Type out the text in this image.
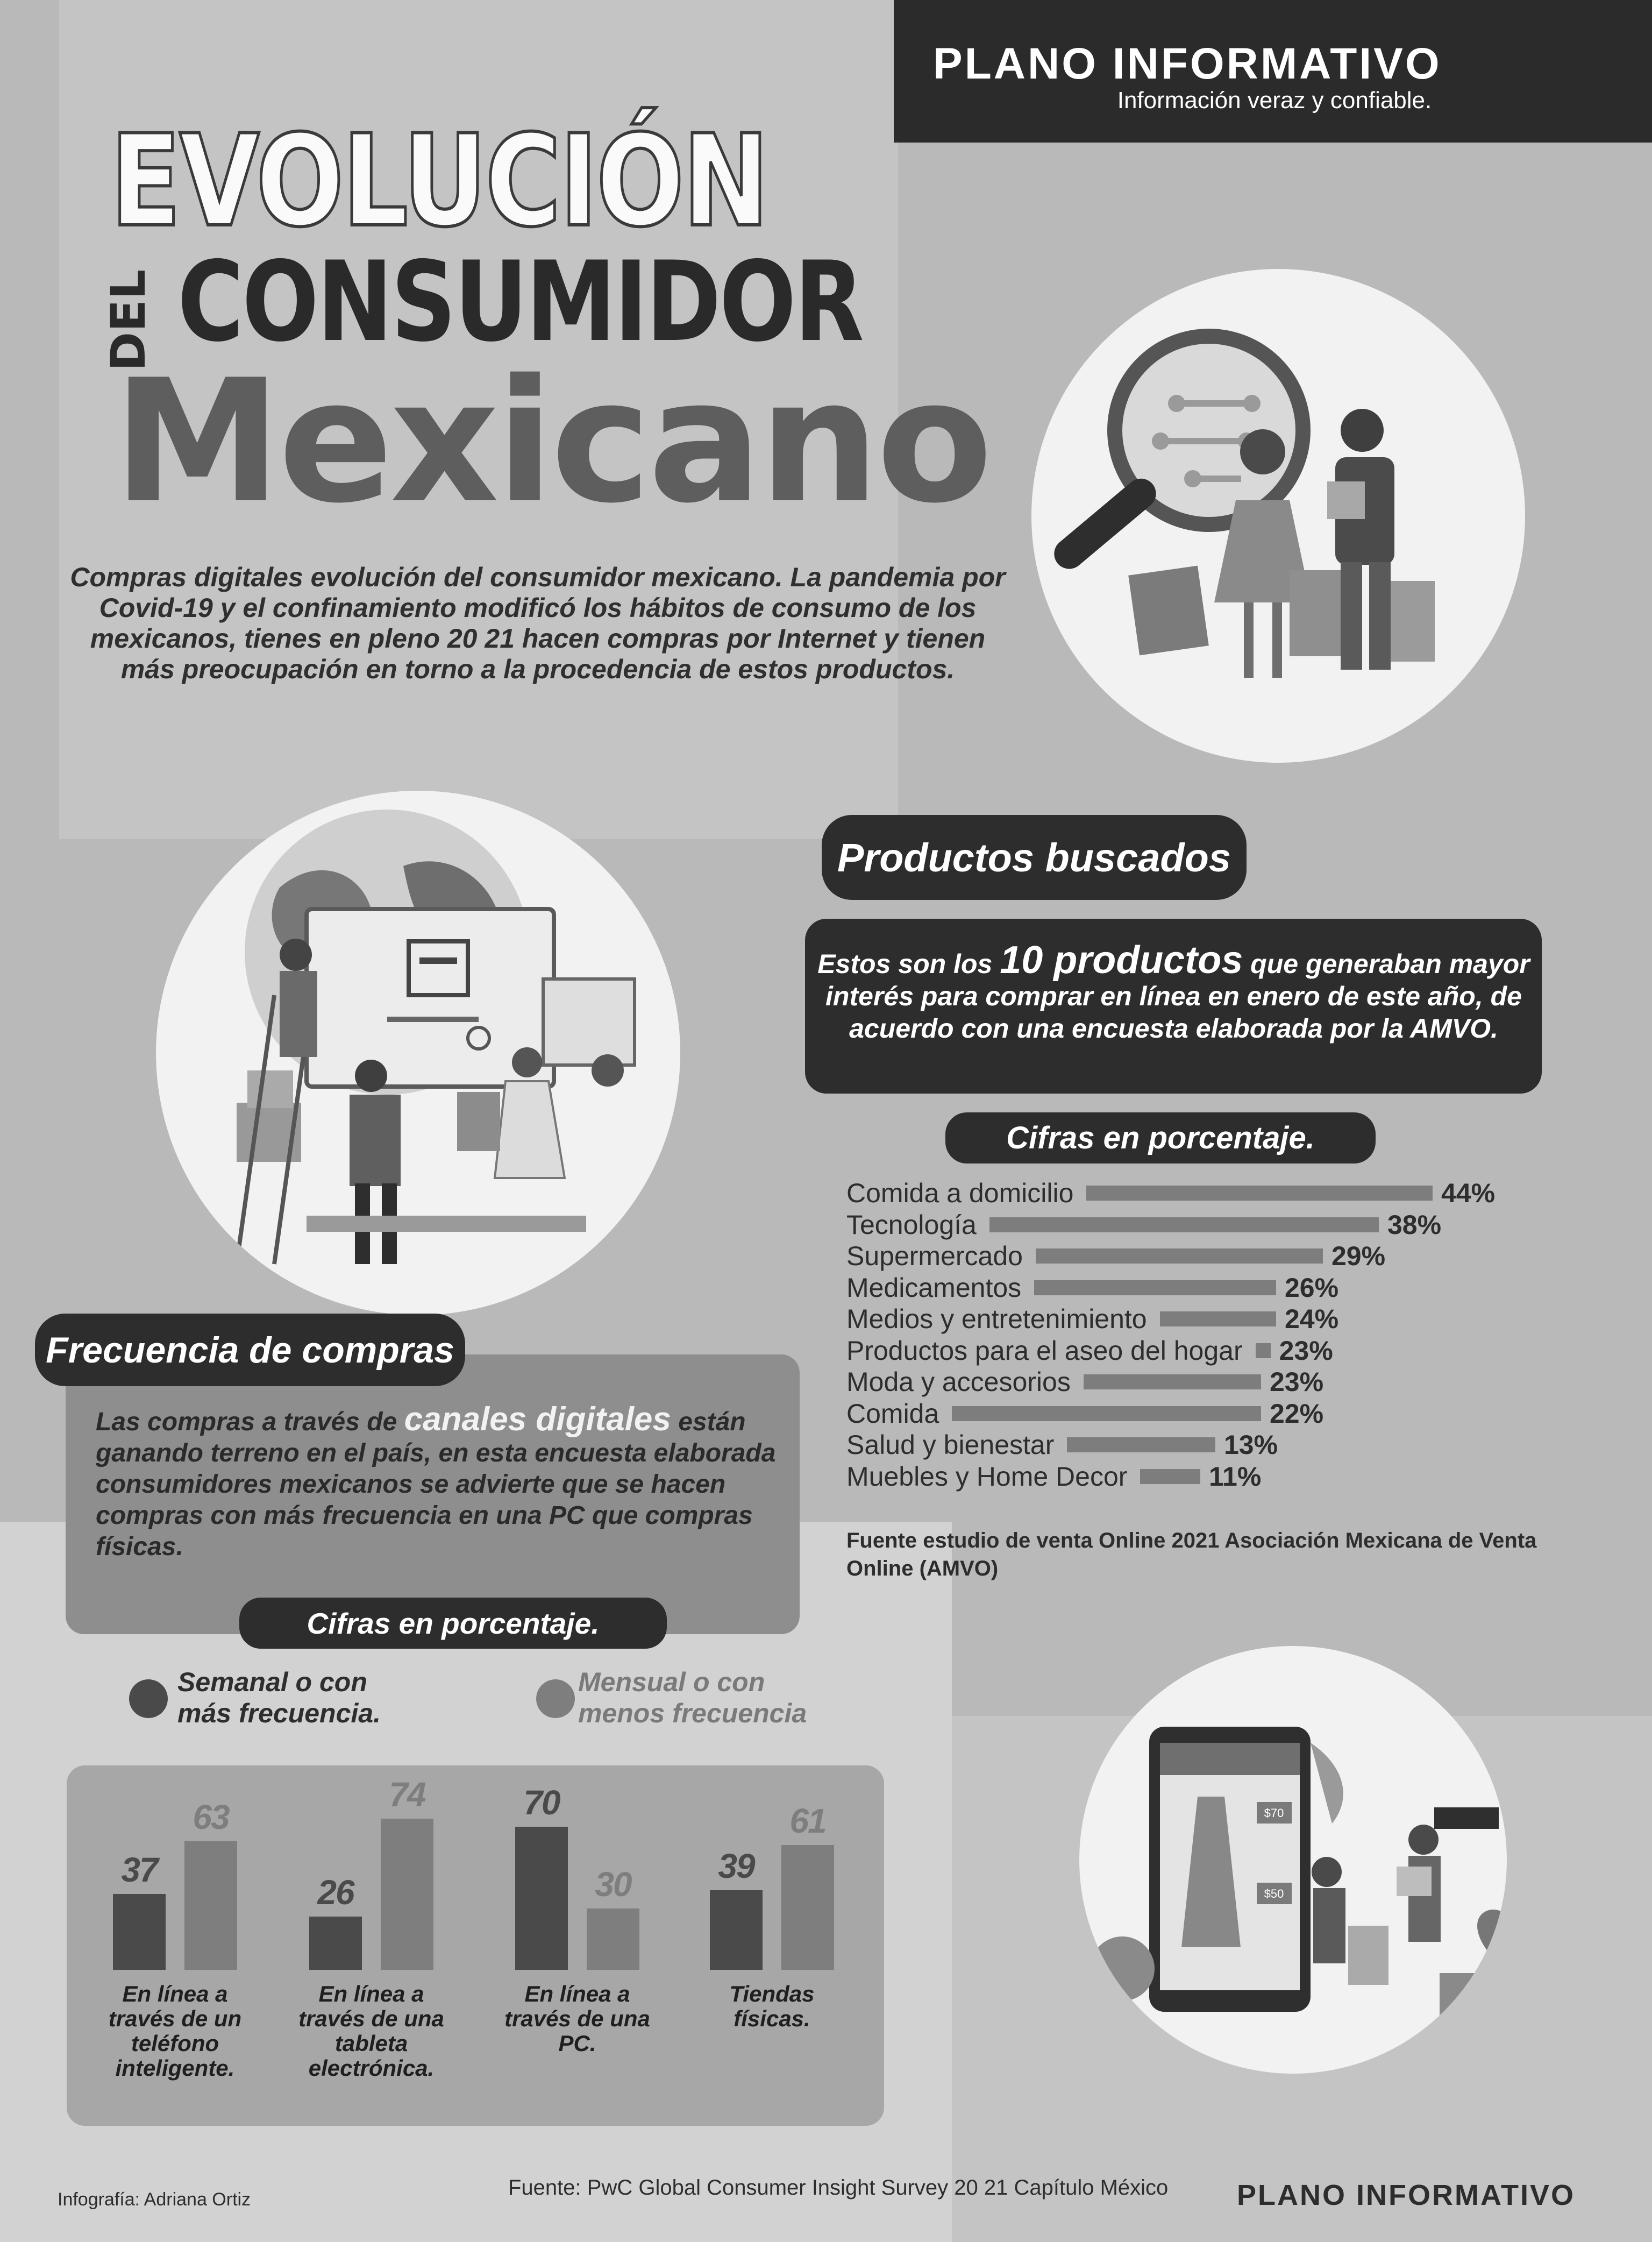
PLANO INFORMATIVO
Información veraz y confiable.
EVOLUCIÓN
DEL CONSUMIDOR
Mexicano
Compras digitales evolución del consumidor mexicano. La pandemia por Covid-19 y el confinamiento modificó los hábitos de consumo de los mexicanos, tienes en pleno 20 21 hacen compras por Internet y tienen más preocupación en torno a la procedencia de estos productos.
$70
$50
Productos buscados
Estos son los 10 productos que generaban mayor interés para comprar en línea en enero de este año, de acuerdo con una encuesta elaborada por la AMVO.
Cifras en porcentaje.
Comida a domicilio	44%
Tecnología	38%
Supermercado	29%
Medicamentos	26%
Medios y entretenimiento	24%
Productos para el aseo del hogar 23%
Moda y accesorios	23%
Comida	22%
Salud y bienestar	13%
Muebles y Home Decor	11%
Fuente estudio de venta Online 2021 Asociación Mexicana de Venta Online (AMVO)
Frecuencia de compras
Las compras a través de canales digitales están ganando terreno en el país, en esta encuesta elaborada consumidores mexicanos se advierte que se hacen compras con más frecuencia en una PC que compras físicas.
Cifras en porcentaje.
Semanal o con más frecuencia.
Mensual o con menos frecuencia
37
63
En línea a través de un teléfono inteligente.
26
74
En línea a través de una tableta electrónica.
70
30
En línea a través de una PC.
39
61
Tiendas físicas.
Infografía: Adriana Ortiz	Fuente: PwC Global Consumer Insight Survey 20 21 Capítulo México PLANO INFORMATIVO
